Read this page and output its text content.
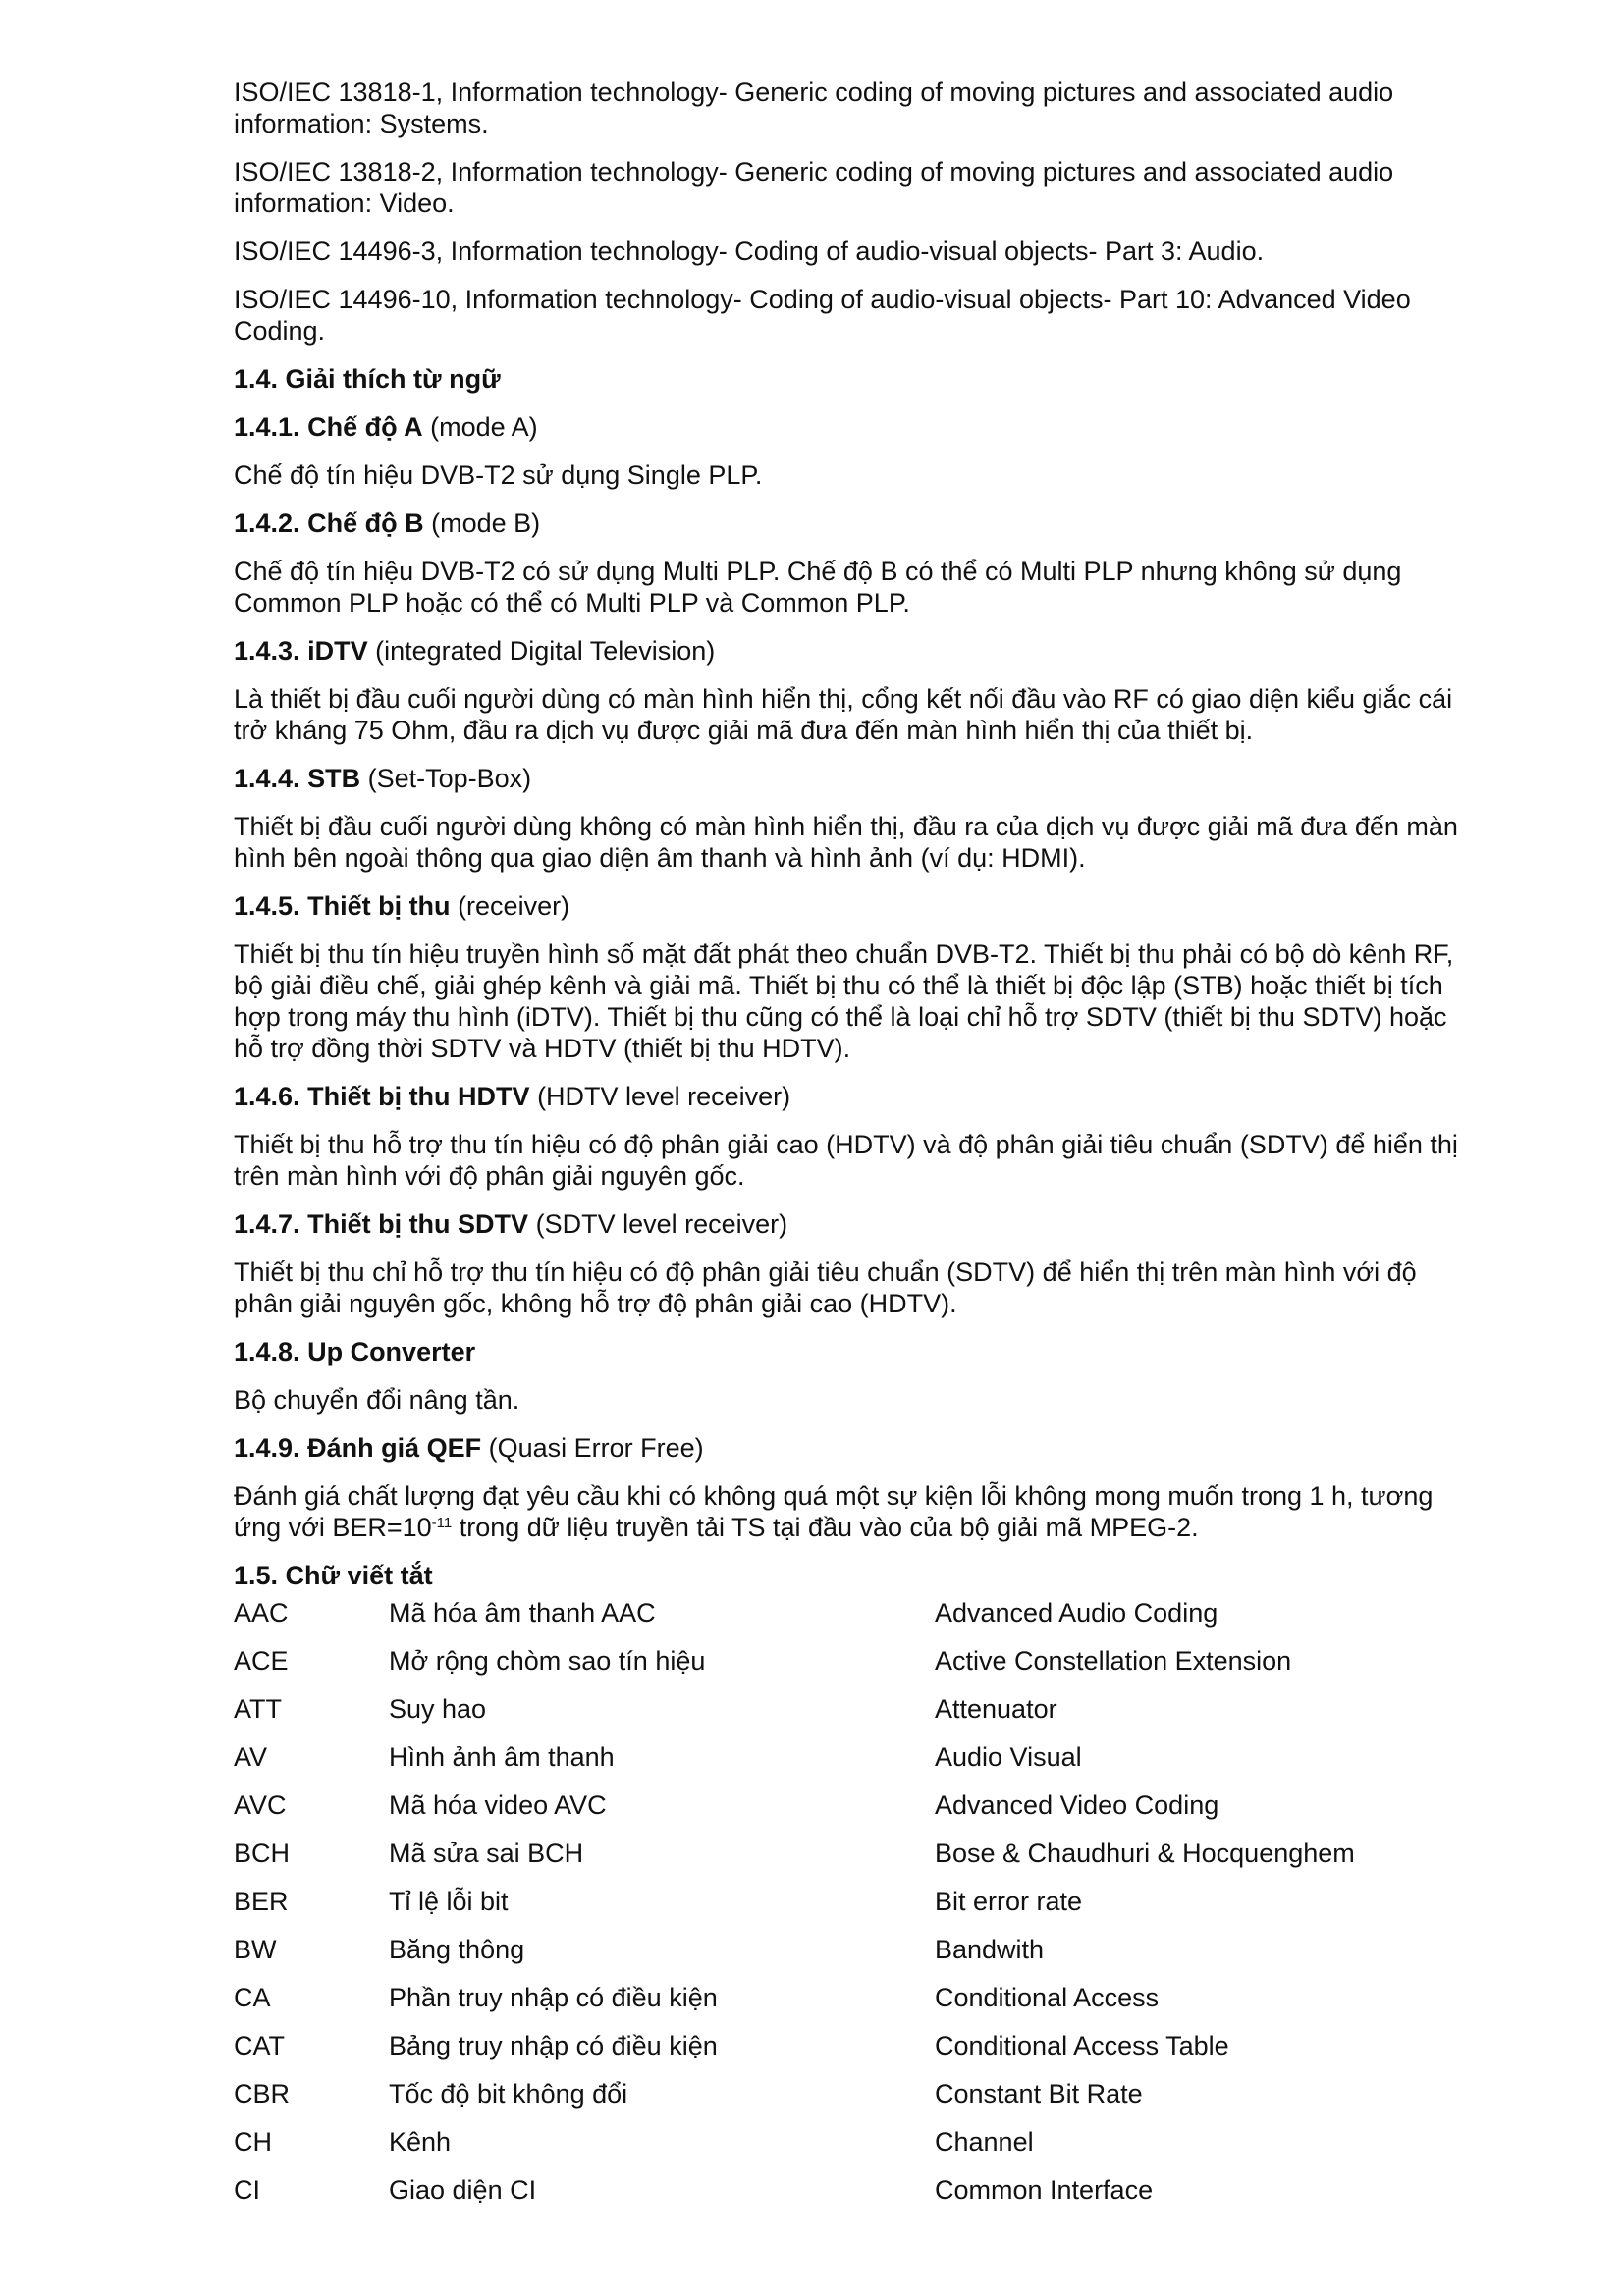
ISO/IEC 13818-1, Information technology- Generic coding of moving pictures and associated audio information: Systems.

ISO/IEC 13818-2, Information technology- Generic coding of moving pictures and associated audio information: Video.

ISO/IEC 14496-3, Information technology- Coding of audio-visual objects- Part 3: Audio.

ISO/IEC 14496-10, Information technology- Coding of audio-visual objects- Part 10: Advanced Video Coding.

1.4. Giải thích từ ngữ
1.4.1. Chế độ A (mode A)

Chế độ tín hiệu DVB-T2 sử dụng Single PLP.

1.4.2. Chế độ B (mode B)

Chế độ tín hiệu DVB-T2 có sử dụng Multi PLP. Chế độ B có thể có Multi PLP nhưng không sử dụng Common PLP hoặc có thể có Multi PLP và Common PLP.

1.4.3. iDTV (integrated Digital Television)

Là thiết bị đầu cuối người dùng có màn hình hiển thị, cổng kết nối đầu vào RF có giao diện kiểu giắc cái trở kháng 75 Ohm, đầu ra dịch vụ được giải mã đưa đến màn hình hiển thị của thiết bị.

1.4.4. STB (Set-Top-Box)

Thiết bị đầu cuối người dùng không có màn hình hiển thị, đầu ra của dịch vụ được giải mã đưa đến màn hình bên ngoài thông qua giao diện âm thanh và hình ảnh (ví dụ: HDMI).

1.4.5. Thiết bị thu (receiver)

Thiết bị thu tín hiệu truyền hình số mặt đất phát theo chuẩn DVB-T2. Thiết bị thu phải có bộ dò kênh RF, bộ giải điều chế, giải ghép kênh và giải mã. Thiết bị thu có thể là thiết bị độc lập (STB) hoặc thiết bị tích hợp trong máy thu hình (iDTV). Thiết bị thu cũng có thể là loại chỉ hỗ trợ SDTV (thiết bị thu SDTV) hoặc hỗ trợ đồng thời SDTV và HDTV (thiết bị thu HDTV).

1.4.6. Thiết bị thu HDTV (HDTV level receiver)

Thiết bị thu hỗ trợ thu tín hiệu có độ phân giải cao (HDTV) và độ phân giải tiêu chuẩn (SDTV) để hiển thị trên màn hình với độ phân giải nguyên gốc.

1.4.7. Thiết bị thu SDTV (SDTV level receiver)

Thiết bị thu chỉ hỗ trợ thu tín hiệu có độ phân giải tiêu chuẩn (SDTV) để hiển thị trên màn hình với độ phân giải nguyên gốc, không hỗ trợ độ phân giải cao (HDTV).

1.4.8. Up Converter

Bộ chuyển đổi nâng tần.

1.4.9. Đánh giá QEF (Quasi Error Free)

Đánh giá chất lượng đạt yêu cầu khi có không quá một sự kiện lỗi không mong muốn trong 1 h, tương ứng với $BER=10^{-11}$ trong dữ liệu truyền tải TS tại đầu vào của bộ giải mã MPEG-2.

1.5. Chữ viết tắt
AAC	Mã hóa âm thanh AAC	Advanced Audio Coding
ACE	Mở rộng chòm sao tín hiệu	Active Constellation Extension
ATT	Suy hao	Attenuator
AV	Hình ảnh âm thanh	Audio Visual
AVC	Mã hóa video AVC	Advanced Video Coding
BCH	Mã sửa sai BCH	Bose & Chaudhuri & Hocquenghem
BER	Tỉ lệ lỗi bit	Bit error rate
BW	Băng thông	Bandwith
CA	Phần truy nhập có điều kiện	Conditional Access
CAT	Bảng truy nhập có điều kiện	Conditional Access Table
CBR	Tốc độ bit không đổi	Constant Bit Rate
CH	Kênh	Channel
CI	Giao diện CI	Common Interface
